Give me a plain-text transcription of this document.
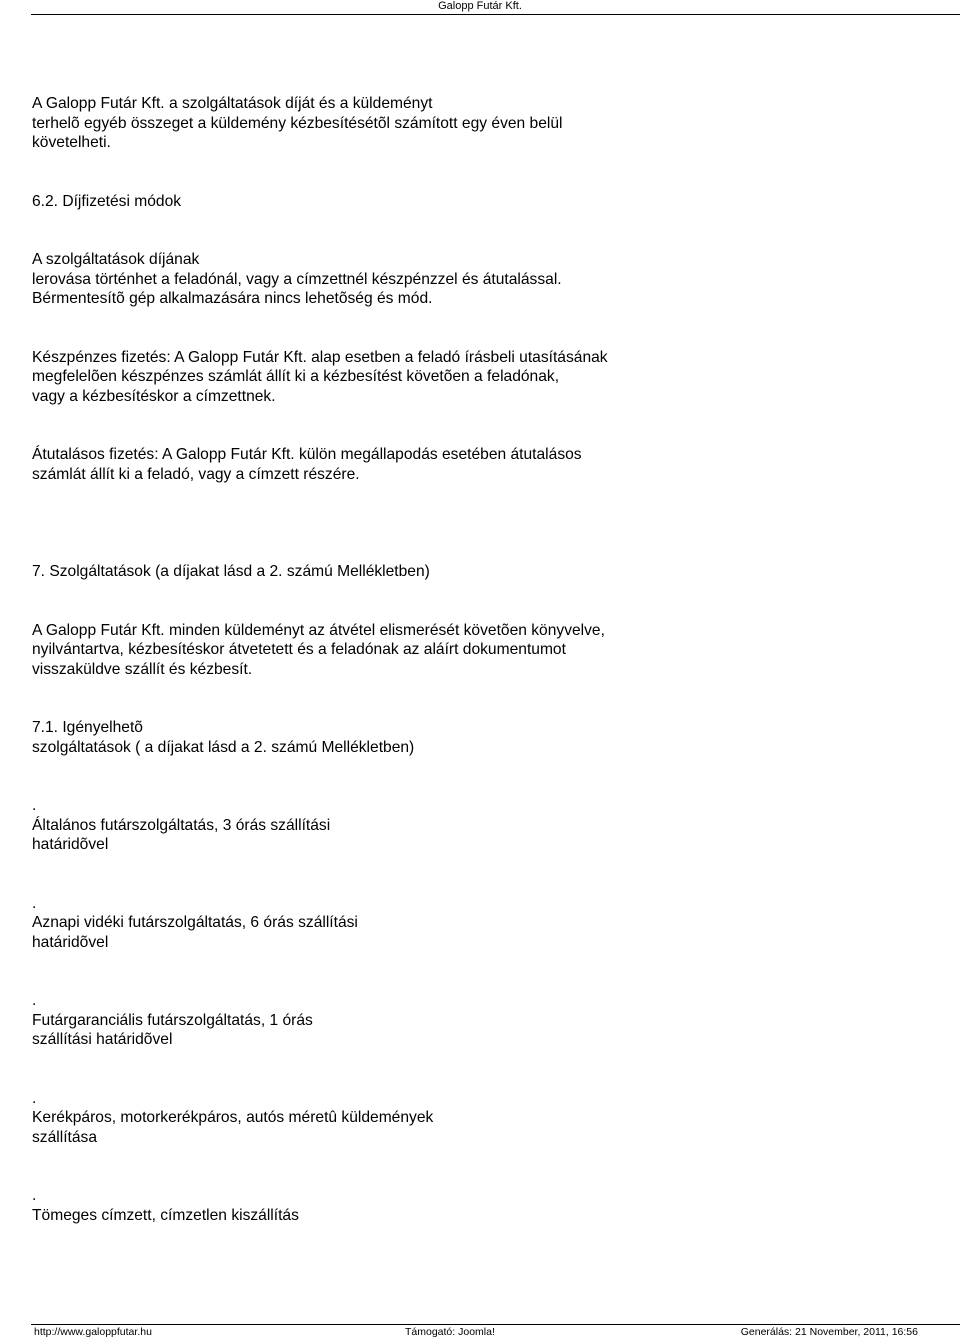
Galopp Futár Kft.
A Galopp Futár Kft. a szolgáltatások díját és a küldeményt
terhelõ egyéb összeget a küldemény kézbesítésétõl számított egy éven belül
követelheti.
6.2. Díjfizetési módok
A szolgáltatások díjának
lerovása történhet a feladónál, vagy a címzettnél készpénzzel és átutalással.
Bérmentesítõ gép alkalmazására nincs lehetõség és mód.
Készpénzes fizetés: A Galopp Futár Kft. alap esetben a feladó írásbeli utasításának
megfelelõen készpénzes számlát állít ki a kézbesítést követõen a feladónak,
vagy a kézbesítéskor a címzettnek.
Átutalásos fizetés: A Galopp Futár Kft. külön megállapodás esetében átutalásos
számlát állít ki a feladó, vagy a címzett részére.
7. Szolgáltatások (a díjakat lásd a 2. számú Mellékletben)
A Galopp Futár Kft. minden küldeményt az átvétel elismerését követõen könyvelve,
nyilvántartva, kézbesítéskor átvetetett és a feladónak az aláírt dokumentumot
visszaküldve szállít és kézbesít.
7.1. Igényelhetõ
szolgáltatások ( a díjakat lásd a 2. számú Mellékletben)
.
Általános futárszolgáltatás, 3 órás szállítási
határidõvel
.
Aznapi vidéki futárszolgáltatás, 6 órás szállítási
határidõvel
.
Futárgaranciális futárszolgáltatás, 1 órás
szállítási határidõvel
.
Kerékpáros, motorkerékpáros, autós méretû küldemények
szállítása
.
Tömeges címzett, címzetlen kiszállítás
http://www.galoppfutar.hu	Támogató: Joomla!	Generálás: 21 November, 2011, 16:56
